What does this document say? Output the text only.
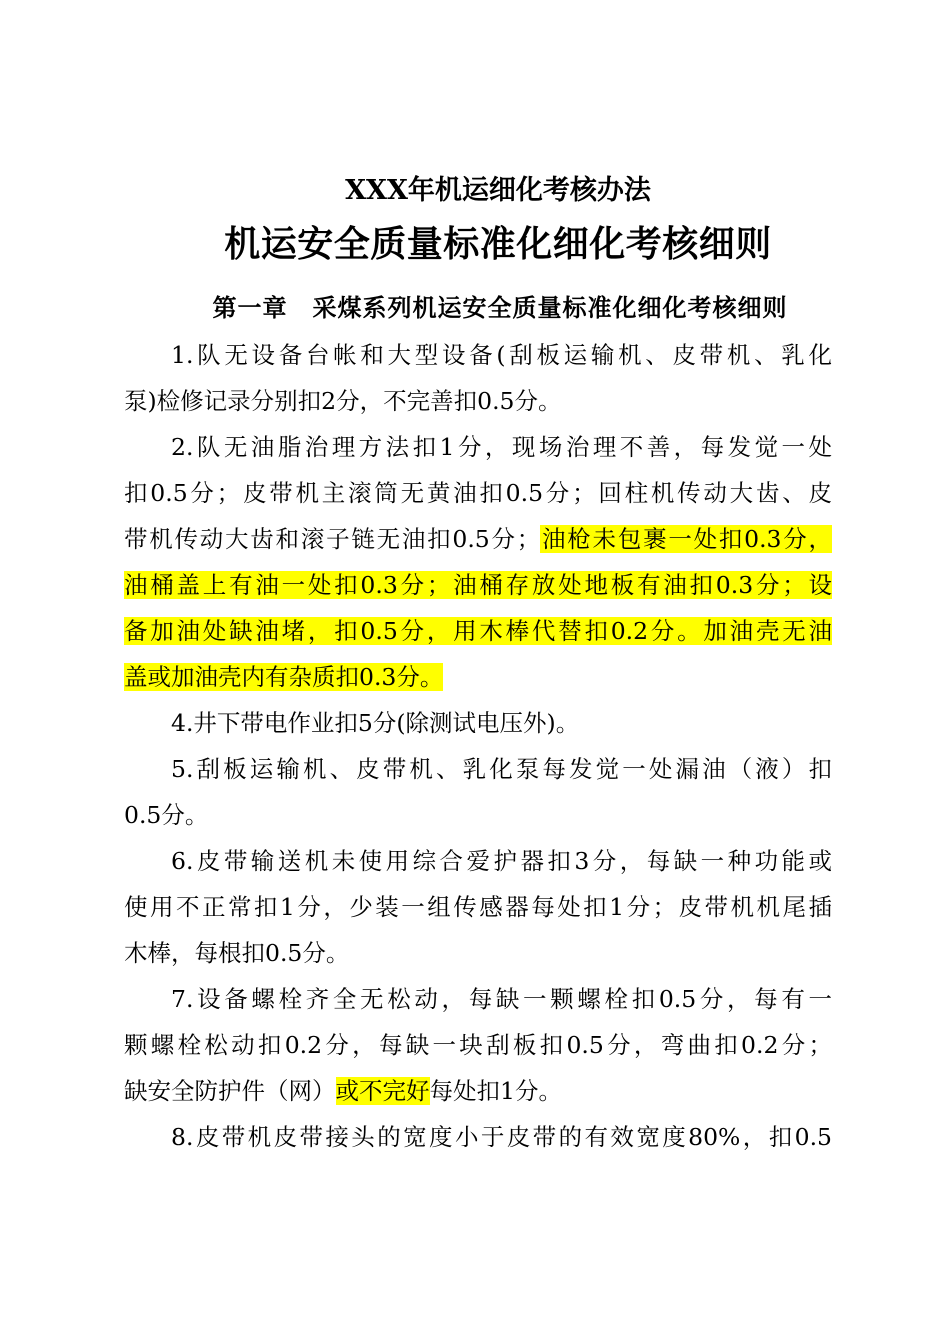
XXX年机运细化考核办法
机运安全质量标准化细化考核细则
第一章　采煤系列机运安全质量标准化细化考核细则
1.队无设备台帐和大型设备(刮板运输机、皮带机、乳化
泵)检修记录分别扣2分，不完善扣0.5分。
2.队无油脂治理方法扣1分，现场治理不善，每发觉一处
扣0.5分；皮带机主滚筒无黄油扣0.5分；回柱机传动大齿、皮
带机传动大齿和滚子链无油扣0.5分；油枪未包裹一处扣0.3分，
油桶盖上有油一处扣0.3分；油桶存放处地板有油扣0.3分；设
备加油处缺油堵，扣0.5分，用木棒代替扣0.2分。加油壳无油
盖或加油壳内有杂质扣0.3分。
4.井下带电作业扣5分(除测试电压外)。
5.刮板运输机、皮带机、乳化泵每发觉一处漏油（液）扣
0.5分。
6.皮带输送机未使用综合爱护器扣3分，每缺一种功能或
使用不正常扣1分，少装一组传感器每处扣1分；皮带机机尾插
木棒，每根扣0.5分。
7.设备螺栓齐全无松动，每缺一颗螺栓扣0.5分，每有一
颗螺栓松动扣0.2分，每缺一块刮板扣0.5分，弯曲扣0.2分；
缺安全防护件（网）或不完好每处扣1分。
8.皮带机皮带接头的宽度小于皮带的有效宽度80%，扣0.5
